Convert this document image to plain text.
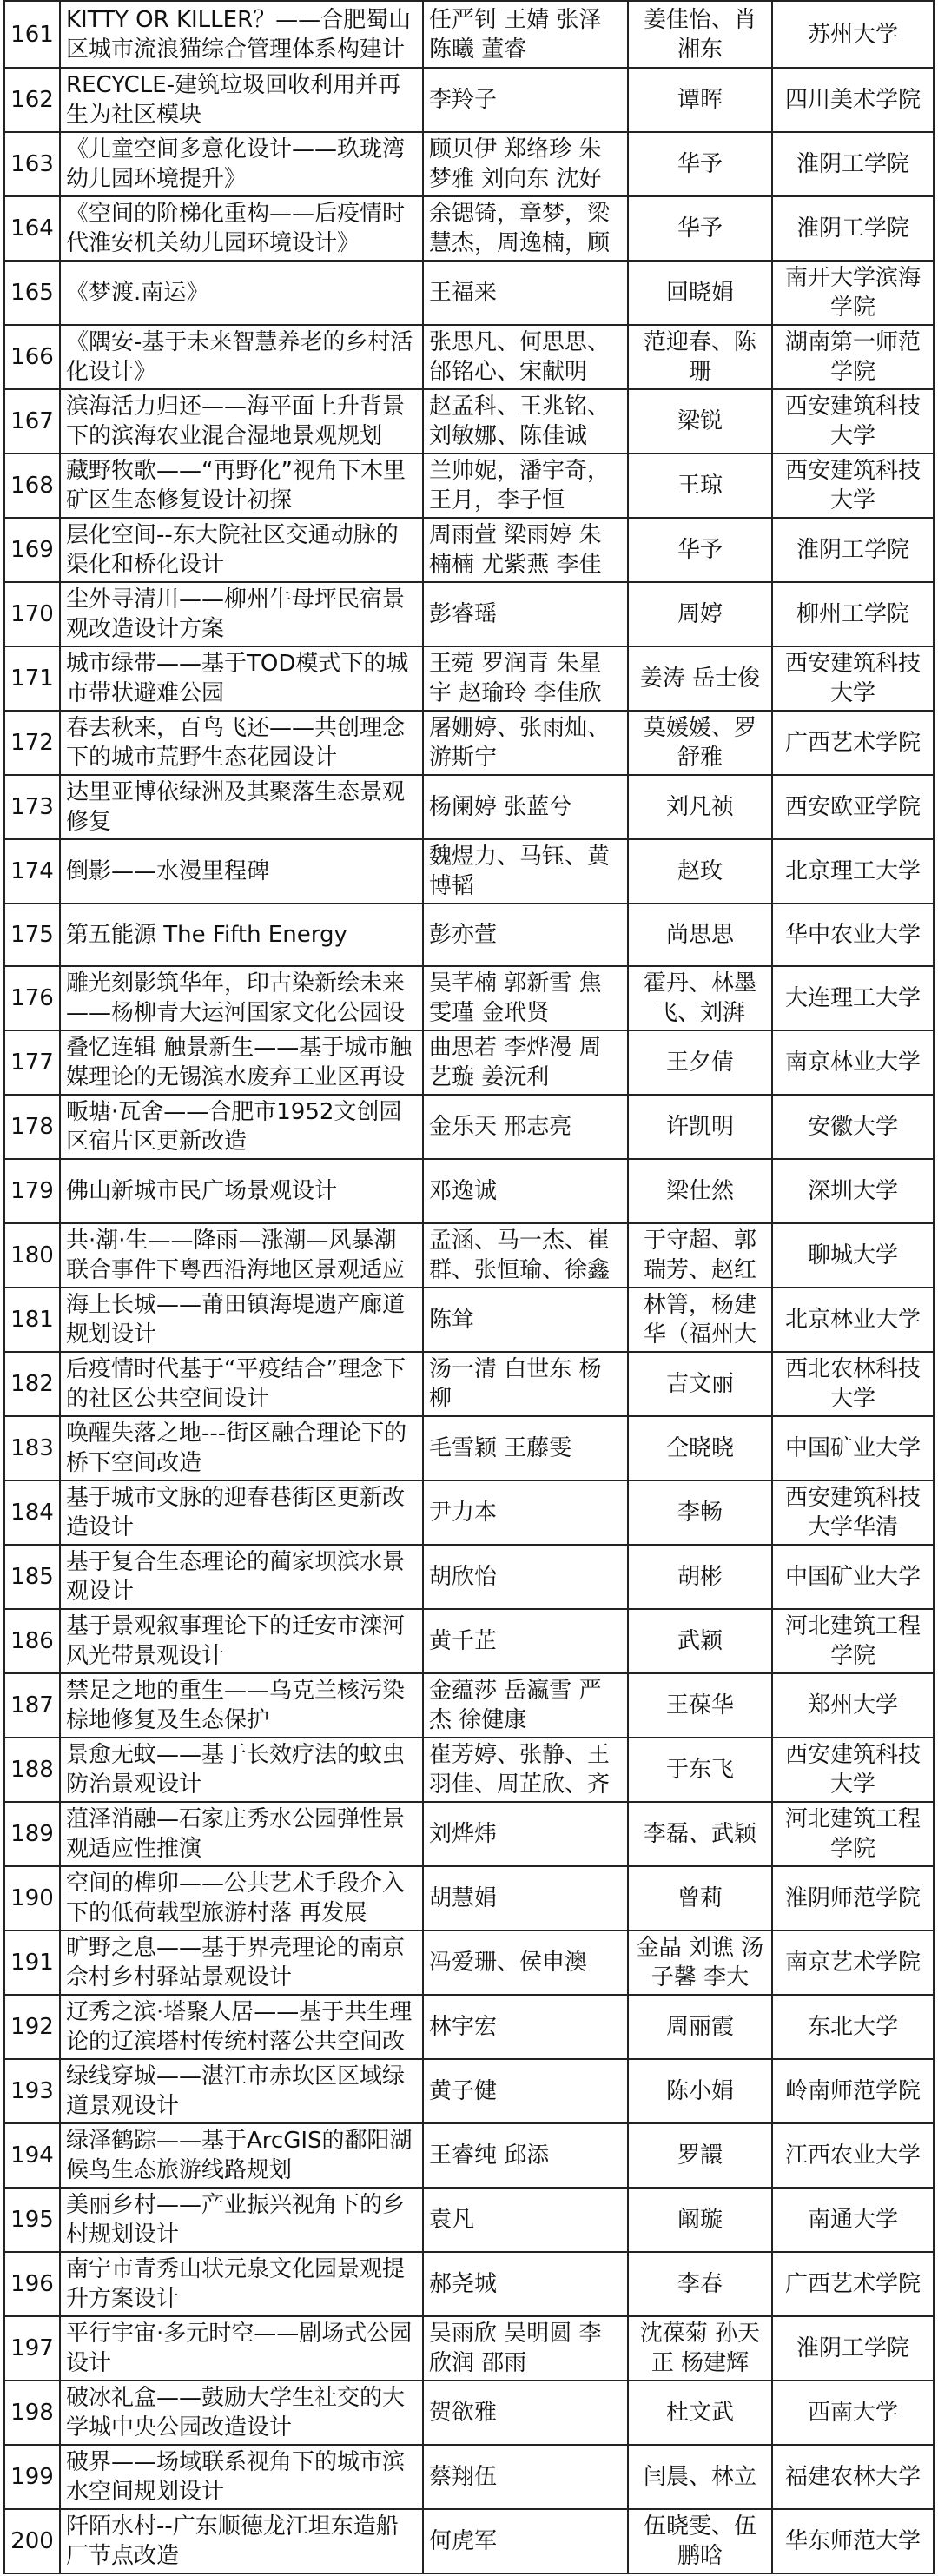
161	KITTY OR KILLER？——合肥蜀山区城市流浪猫综合管理体系构建计	任严钊 王婧 张泽陈曦 董睿	姜佳怡、肖湘东	苏州大学

162	RECYCLE-建筑垃圾回收利用并再生为社区模块	李羚子	谭晖	四川美术学院

163	《儿童空间多意化设计——玖珑湾幼儿园环境提升》	顾贝伊 郑络珍 朱梦雅 刘向东 沈好	华予	淮阴工学院

164	《空间的阶梯化重构——后疫情时代淮安机关幼儿园环境设计》	余锶锜，章梦，梁慧杰，周逸楠，顾	华予	淮阴工学院

165	《梦渡.南运》	王福来	回晓娟	南开大学滨海学院

166	《隅安-基于未来智慧养老的乡村活化设计》	张思凡、何思思、邰铭心、宋献明	范迎春、陈珊	湖南第一师范学院

167	滨海活力归还——海平面上升背景下的滨海农业混合湿地景观规划	赵孟科、王兆铭、刘敏娜、陈佳诚	梁锐	西安建筑科技大学

168	藏野牧歌——“再野化”视角下木里矿区生态修复设计初探	兰帅妮，潘宇奇，王月，李子恒	王琼	西安建筑科技大学

169	层化空间--东大院社区交通动脉的渠化和桥化设计	周雨萱 梁雨婷 朱楠楠 尤紫燕 李佳	华予	淮阴工学院

170	尘外寻清川——柳州牛母坪民宿景观改造设计方案	彭睿瑶	周婷	柳州工学院

171	城市绿带——基于TOD模式下的城市带状避难公园	王菀 罗润青 朱星宇 赵瑜玲 李佳欣	姜涛 岳士俊	西安建筑科技大学

172	春去秋来，百鸟飞还——共创理念下的城市荒野生态花园设计	屠姗婷、张雨灿、游斯宁	莫媛媛、罗舒雅	广西艺术学院

173	达里亚博依绿洲及其聚落生态景观修复	杨阑婷 张蓝兮	刘凡祯	西安欧亚学院

174	倒影——水漫里程碑	魏煜力、马钰、黄博韬	赵玫	北京理工大学

175	第五能源 The Fifth Energy	彭亦萱	尚思思	华中农业大学

176	雕光刻影筑华年，印古染新绘未来——杨柳青大运河国家文化公园设	吴芊楠 郭新雪 焦雯瑾 金玳贤	霍丹、林墨飞、刘湃	大连理工大学

177	叠忆连辑 触景新生——基于城市触媒理论的无锡滨水废弃工业区再设	曲思若 李烨漫 周艺璇 姜沅利	王夕倩	南京林业大学

178	畈塘·瓦舍——合肥市1952文创园区宿片区更新改造	金乐天 邢志亮	许凯明	安徽大学

179	佛山新城市民广场景观设计	邓逸诚	梁仕然	深圳大学

180	共·潮·生——降雨—涨潮—风暴潮联合事件下粤西沿海地区景观适应	孟涵、马一杰、崔群、张恒瑜、徐鑫	于守超、郭瑞芳、赵红	聊城大学

181	海上长城——莆田镇海堤遗产廊道规划设计	陈耸	林箐，杨建华（福州大	北京林业大学

182	后疫情时代基于“平疫结合”理念下的社区公共空间设计	汤一清 白世东 杨柳	吉文丽	西北农林科技大学

183	唤醒失落之地---街区融合理论下的桥下空间改造	毛雪颖 王藤雯	仝晓晓	中国矿业大学

184	基于城市文脉的迎春巷街区更新改造设计	尹力本	李畅	西安建筑科技大学华清

185	基于复合生态理论的蔺家坝滨水景观设计	胡欣怡	胡彬	中国矿业大学

186	基于景观叙事理论下的迁安市滦河风光带景观设计	黄千芷	武颖	河北建筑工程学院

187	禁足之地的重生——乌克兰核污染棕地修复及生态保护	金蕴莎 岳瀛雪 严杰 徐健康	王葆华	郑州大学

188	景愈无蚊——基于长效疗法的蚊虫防治景观设计	崔芳婷、张静、王羽佳、周芷欣、齐	于东飞	西安建筑科技大学

189	菹泽消融—石家庄秀水公园弹性景观适应性推演	刘烨炜	李磊、武颖	河北建筑工程学院

190	空间的榫卯——公共艺术手段介入下的低荷载型旅游村落 再发展	胡慧娟	曾莉	淮阴师范学院

191	旷野之息——基于界壳理论的南京佘村乡村驿站景观设计	冯爱珊、侯申澳	金晶 刘谯 汤子馨 李大	南京艺术学院

192	辽秀之滨·塔聚人居——基于共生理论的辽滨塔村传统村落公共空间改	林宇宏	周丽霞	东北大学

193	绿线穿城——湛江市赤坎区区域绿道景观设计	黄子健	陈小娟	岭南师范学院

194	绿泽鹤踪——基于ArcGIS的鄱阳湖候鸟生态旅游线路规划	王睿纯 邱添	罗譞	江西农业大学

195	美丽乡村——产业振兴视角下的乡村规划设计	袁凡	阚璇	南通大学

196	南宁市青秀山状元泉文化园景观提升方案设计	郝尧城	李春	广西艺术学院

197	平行宇宙·多元时空——剧场式公园设计	吴雨欣 吴明圆 李欣润 邵雨	沈葆菊 孙天正 杨建辉	淮阴工学院

198	破冰礼盒——鼓励大学生社交的大学城中央公园改造设计	贺欲雅	杜文武	西南大学

199	破界——场域联系视角下的城市滨水空间规划设计	蔡翔伍	闫晨、林立	福建农林大学

200	阡陌水村--广东顺德龙江坦东造船厂节点改造	何虎军	伍晓雯、伍鹏晗	华东师范大学
